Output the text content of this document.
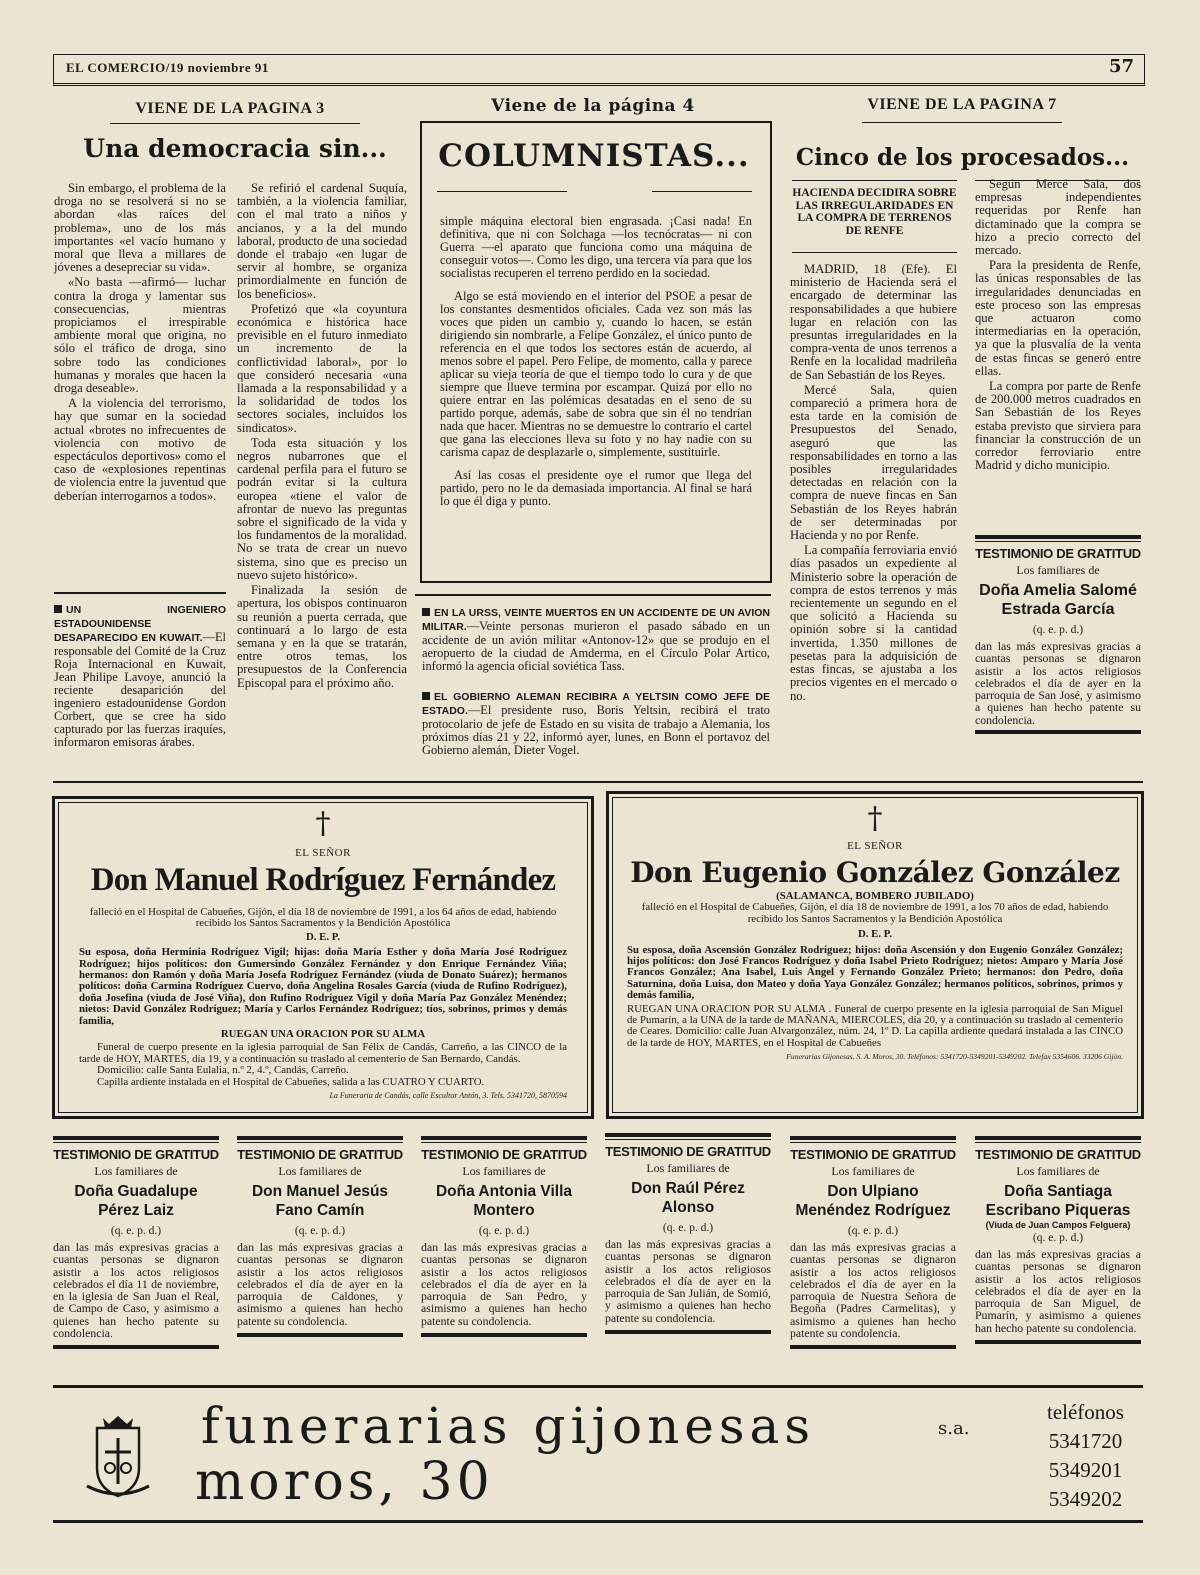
EL COMERCIO/19 noviembre 91	57
VIENE DE LA PAGINA 3
Una democracia sin...

Sin embargo, el problema de la droga no se resolverá si no se abordan «las raíces del problema», uno de los más importantes «el vacío humano y moral que lleva a millares de jóvenes a desepreciar su vida».

«No basta —afirmó— luchar contra la droga y lamentar sus consecuencias, mientras propiciamos el irrespirable ambiente moral que origina, no sólo el tráfico de droga, sino sobre todo las condiciones humanas y morales que hacen la droga deseable».

A la violencia del terrorismo, hay que sumar en la sociedad actual «brotes no infrecuentes de violencia con motivo de espectáculos deportivos» como el caso de «explosiones repentinas de violencia entre la juventud que deberían interrogarnos a todos».

UN INGENIERO ESTADOUNIDENSE DESAPARECIDO EN KUWAIT.—El responsable del Comité de la Cruz Roja Internacional en Kuwait, Jean Philipe Lavoye, anunció la reciente desaparición del ingeniero estadounidense Gordon Corbert, que se cree ha sido capturado por las fuerzas iraquíes, informaron emisoras árabes.

Se refirió el cardenal Suquía, también, a la violencia familiar, con el mal trato a niños y ancianos, y a la del mundo laboral, producto de una sociedad donde el trabajo «en lugar de servir al hombre, se organiza primordialmente en función de los beneficios».

Profetizó que «la coyuntura económica e histórica hace previsible en el futuro inmediato un incremento de la conflictividad laboral», por lo que consideró necesaria «una llamada a la responsabilidad y a la solidaridad de todos los sectores sociales, incluidos los sindicatos».

Toda esta situación y los negros nubarrones que el cardenal perfila para el futuro se podrán evitar si la cultura europea «tiene el valor de afrontar de nuevo las preguntas sobre el significado de la vida y los fundamentos de la moralidad. No se trata de crear un nuevo sistema, sino que es preciso un nuevo sujeto histórico».

Finalizada la sesión de apertura, los obispos continuaron su reunión a puerta cerrada, que continuará a lo largo de esta semana y en la que se tratarán, entre otros temas, los presupuestos de la Conferencia Episcopal para el próximo año.

Viene de la página 4
COLUMNISTAS...

simple máquina electoral bien engrasada. ¡Casi nada! En definitiva, que ni con Solchaga —los tecnócratas— ni con Guerra —el aparato que funciona como una máquina de conseguir votos—. Como les digo, una tercera vía para que los socialistas recuperen el terreno perdido en la sociedad.

Algo se está moviendo en el interior del PSOE a pesar de los constantes desmentidos oficiales. Cada vez son más las voces que piden un cambio y, cuando lo hacen, se están dirigiendo sin nombrarle, a Felipe González, el único punto de referencia en el que todos los sectores están de acuerdo, al menos sobre el papel. Pero Felipe, de momento, calla y parece aplicar su vieja teoría de que el tiempo todo lo cura y de que siempre que llueve termina por escampar. Quizá por ello no quiere entrar en las polémicas desatadas en el seno de su partido porque, además, sabe de sobra que sin él no tendrían nada que hacer. Mientras no se demuestre lo contrario el cartel que gana las elecciones lleva su foto y no hay nadie con su carisma capaz de desplazarle o, simplemente, sustituirle.

Así las cosas el presidente oye el rumor que llega del partido, pero no le da demasiada importancia. Al final se hará lo que él diga y punto.

EN LA URSS, VEINTE MUERTOS EN UN ACCIDENTE DE UN AVION MILITAR.—Veinte personas murieron el pasado sábado en un accidente de un avión militar «Antonov-12» que se produjo en el aeropuerto de la ciudad de Amderma, en el Círculo Polar Artico, informó la agencia oficial soviética Tass.
EL GOBIERNO ALEMAN RECIBIRA A YELTSIN COMO JEFE DE ESTADO.—El presidente ruso, Boris Yeltsin, recibirá el trato protocolario de jefe de Estado en su visita de trabajo a Alemania, los próximos días 21 y 22, informó ayer, lunes, en Bonn el portavoz del Gobierno alemán, Dieter Vogel.
VIENE DE LA PAGINA 7
Cinco de los procesados...
HACIENDA DECIDIRA SOBRE LAS IRREGULARIDADES EN LA COMPRA DE TERRENOS DE RENFE

MADRID, 18 (Efe). El ministerio de Hacienda será el encargado de determinar las responsabilidades a que hubiere lugar en relación con las presuntas irregularidades en la compra-venta de unos terrenos a Renfe en la localidad madrileña de San Sebastián de los Reyes.

Mercé Sala, quien compareció a primera hora de esta tarde en la comisión de Presupuestos del Senado, aseguró que las responsabilidades en torno a las posibles irregularidades detectadas en relación con la compra de nueve fincas en San Sebastián de los Reyes habrán de ser determinadas por Hacienda y no por Renfe.

La compañía ferroviaria envió días pasados un expediente al Ministerio sobre la operación de compra de estos terrenos y más recientemente un segundo en el que solicitó a Hacienda su opinión sobre si la cantidad invertida, 1.350 millones de pesetas para la adquisición de estas fincas, se ajustaba a los precios vigentes en el mercado o no.

Según Mercé Sala, dos empresas independientes requeridas por Renfe han dictaminado que la compra se hizo a precio correcto del mercado.

Para la presidenta de Renfe, las únicas responsables de las irregularidades denunciadas en este proceso son las empresas que actuaron como intermediarias en la operación, ya que la plusvalía de la venta de estas fincas se generó entre ellas.

La compra por parte de Renfe de 200.000 metros cuadrados en San Sebastián de los Reyes estaba previsto que sirviera para financiar la construcción de un corredor ferroviario entre Madrid y dicho municipio.

TESTIMONIO DE GRATITUD
Los familiares de
Doña Amelia Salomé Estrada García
(q. e. p. d.)
dan las más expresivas gracias a cuantas personas se dignaron asistir a los actos religiosos celebrados el día de ayer en la parroquia de San José, y asimismo a quienes han hecho patente su condolencia.
†
EL SEÑOR
Don Manuel Rodríguez Fernández
falleció en el Hospital de Cabueñes, Gijón, el día 18 de noviembre de 1991, a los 64 años de edad, habiendo recibido los Santos Sacramentos y la Bendición Apostólica
D. E. P.
Su esposa, doña Herminia Rodríguez Vigil; hijas: doña María Esther y doña María José Rodríguez Rodríguez; hijos políticos: don Gumersindo González Fernández y don Enrique Fernández Viña; hermanos: don Ramón y doña María Josefa Rodríguez Fernández (viuda de Donato Suárez); hermanos políticos: doña Carmina Rodríguez Cuervo, doña Angelina Rosales García (viuda de Rufino Rodríguez), doña Josefina (viuda de José Viña), don Rufino Rodríguez Vigil y doña María Paz González Menéndez; nietos: David González Rodríguez; María y Carlos Fernández Rodríguez; tíos, sobrinos, primos y demás familia,
RUEGAN UNA ORACION POR SU ALMA
Funeral de cuerpo presente en la iglesia parroquial de San Félix de Candás, Carreño, a las CINCO de la tarde de HOY, MARTES, día 19, y a continuación su traslado al cementerio de San Bernardo, Candás.
Domicilio: calle Santa Eulalia, n.º 2, 4.º, Candás, Carreño.
Capilla ardiente instalada en el Hospital de Cabueñes, salida a las CUATRO Y CUARTO.
La Funeraria de Candás, calle Escultor Antón, 3. Tels. 5341720, 5870594
†
EL SEÑOR
Don Eugenio González González
(SALAMANCA, BOMBERO JUBILADO)
falleció en el Hospital de Cabueñes, Gijón, el día 18 de noviembre de 1991, a los 70 años de edad, habiendo recibido los Santos Sacramentos y la Bendición Apostólica
D. E. P.
Su esposa, doña Ascensión González Rodríguez; hijos: doña Ascensión y don Eugenio González González; hijos políticos: don José Francos Rodríguez y doña Isabel Prieto Rodríguez; nietos: Amparo y María José Francos González; Ana Isabel, Luis Angel y Fernando González Prieto; hermanos: don Pedro, doña Saturnina, doña Luisa, don Mateo y doña Yaya González González; hermanos políticos, sobrinos, primos y demás familia,
RUEGAN UNA ORACION POR SU ALMA . Funeral de cuerpo presente en la iglesia parroquial de San Miguel de Pumarín, a la UNA de la tarde de MAÑANA, MIERCOLES, día 20, y a continuación su traslado al cementerio de Ceares. Domicilio: calle Juan Alvargonzález, núm. 24, 1º D. La capilla ardiente quedará instalada a las CINCO de la tarde de HOY, MARTES, en el Hospital de Cabueñes
Funerarias Gijonesas, S. A. Moros, 30. Teléfonos: 5341720-5349201-5349202. Telefax 5354606. 33206 Gijón.
TESTIMONIO DE GRATITUD
Los familiares de
Doña Guadalupe Pérez Laiz
(q. e. p. d.)
dan las más expresivas gracias a cuantas personas se dignaron asistir a los actos religiosos celebrados el día 11 de noviembre, en la iglesia de San Juan el Real, de Campo de Caso, y asimismo a quienes han hecho patente su condolencia.
TESTIMONIO DE GRATITUD
Los familiares de
Don Manuel Jesús Fano Camín
(q. e. p. d.)
dan las más expresivas gracias a cuantas personas se dignaron asistir a los actos religiosos celebrados el día de ayer en la parroquia de Caldones, y asimismo a quienes han hecho patente su condolencia.
TESTIMONIO DE GRATITUD
Los familiares de
Doña Antonia Villa Montero
(q. e. p. d.)
dan las más expresivas gracias a cuantas personas se dignaron asistir a los actos religiosos celebrados el día de ayer en la parroquia de San Pedro, y asimismo a quienes han hecho patente su condolencia.
TESTIMONIO DE GRATITUD
Los familiares de
Don Raúl Pérez Alonso
(q. e. p. d.)
dan las más expresivas gracias a cuantas personas se dignaron asistir a los actos religiosos celebrados el día de ayer en la parroquia de San Julián, de Somió, y asimismo a quienes han hecho patente su condolencia.
TESTIMONIO DE GRATITUD
Los familiares de
Don Ulpiano Menéndez Rodríguez
(q. e. p. d.)
dan las más expresivas gracias a cuantas personas se dignaron asistir a los actos religiosos celebrados el día de ayer en la parroquia de Nuestra Señora de Begoña (Padres Carmelitas), y asimismo a quienes han hecho patente su condolencia.
TESTIMONIO DE GRATITUD
Los familiares de
Doña Santiaga Escribano Piqueras
(Viuda de Juan Campos Felguera)
(q. e. p. d.)
dan las más expresivas gracias a cuantas personas se dignaron asistir a los actos religiosos celebrados el día de ayer en la parroquia de San Miguel, de Pumarín, y asimismo a quienes han hecho patente su condolencia.
funerarias gijonesas	s.a.
moros, 30
teléfonos
5341720
5349201
5349202
